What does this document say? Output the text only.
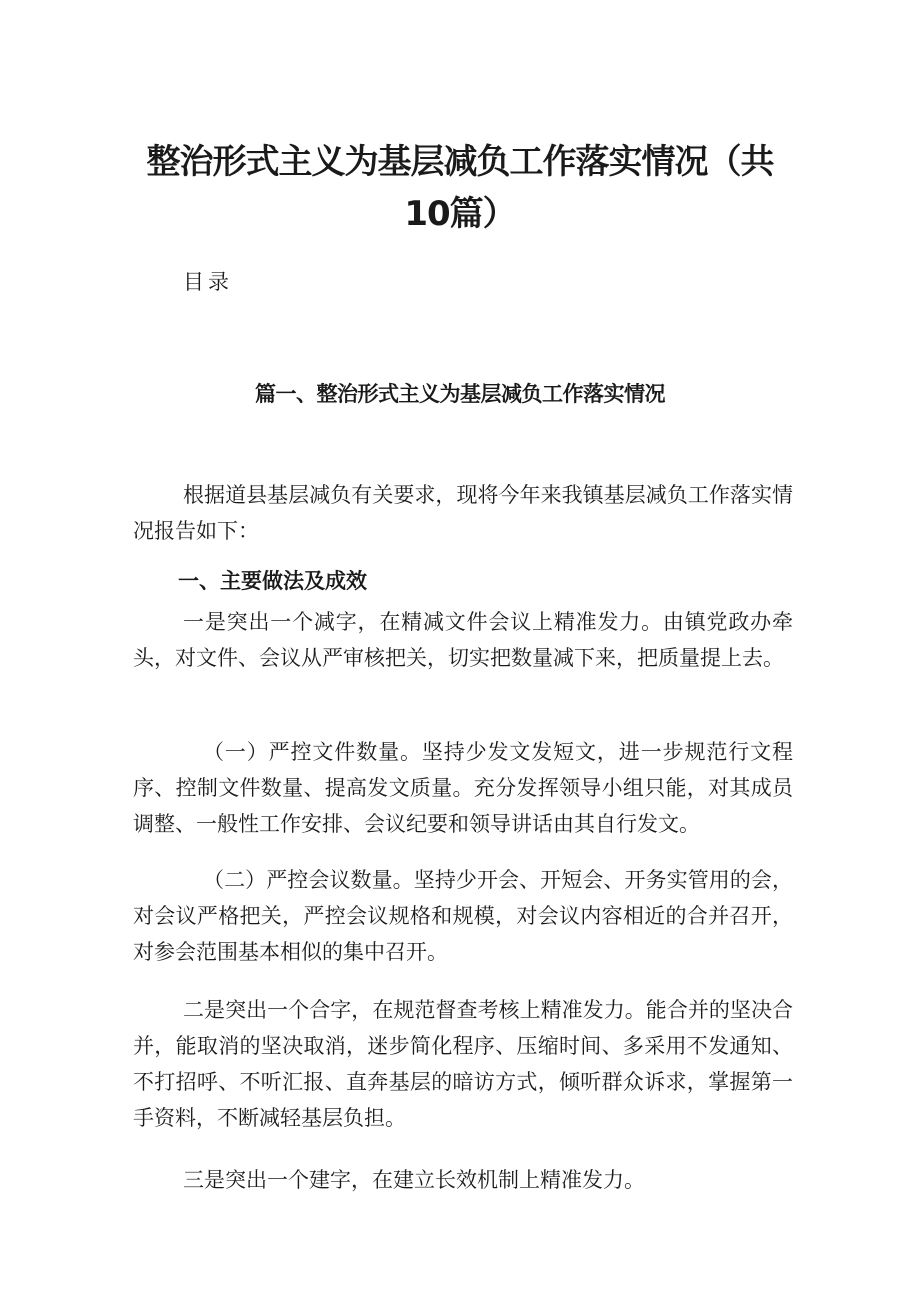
整治形式主义为基层减负工作落实情况（共
10篇）
目录
篇一、整治形式主义为基层减负工作落实情况
根据道县基层减负有关要求，现将今年来我镇基层减负工作落实情况报告如下：
一、主要做法及成效
一是突出一个减字，在精减文件会议上精准发力。由镇党政办牵头，对文件、会议从严审核把关，切实把数量减下来，把质量提上去。
（一）严控文件数量。坚持少发文发短文，进一步规范行文程序、控制文件数量、提高发文质量。充分发挥领导小组只能，对其成员调整、一般性工作安排、会议纪要和领导讲话由其自行发文。
（二）严控会议数量。坚持少开会、开短会、开务实管用的会，对会议严格把关，严控会议规格和规模，对会议内容相近的合并召开，对参会范围基本相似的集中召开。
二是突出一个合字，在规范督查考核上精准发力。能合并的坚决合并，能取消的坚决取消，迷步简化程序、压缩时间、多采用不发通知、不打招呼、不听汇报、直奔基层的暗访方式，倾听群众诉求，掌握第一手资料，不断减轻基层负担。
三是突出一个建字，在建立长效机制上精准发力。
